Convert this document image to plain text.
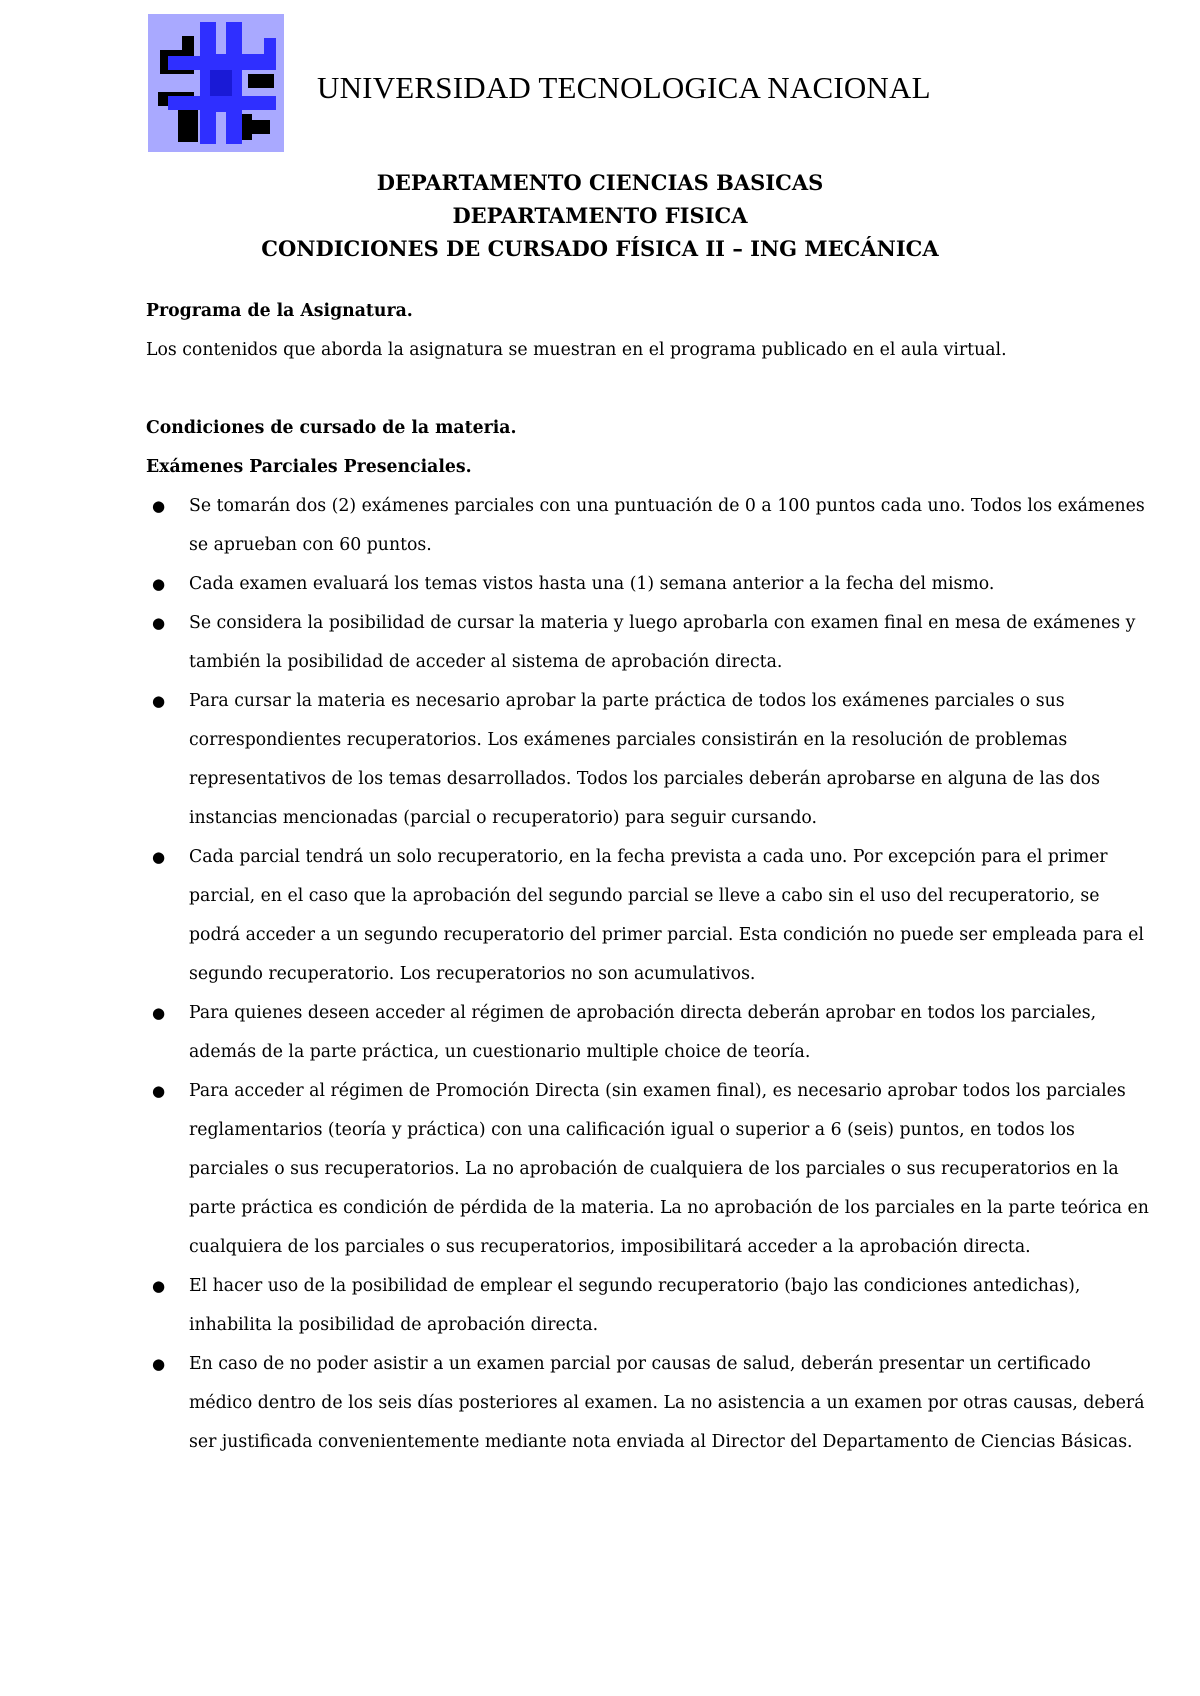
UNIVERSIDAD TECNOLOGICA NACIONAL
DEPARTAMENTO CIENCIAS BASICAS
DEPARTAMENTO FISICA
CONDICIONES DE CURSADO FÍSICA II – ING MECÁNICA

Programa de la Asignatura.

Los contenidos que aborda la asignatura se muestran en el programa publicado en el aula virtual.

Condiciones de cursado de la materia.

Exámenes Parciales Presenciales.

● Se tomarán dos (2) exámenes parciales con una puntuación de 0 a 100 puntos cada uno. Todos los exámenes se aprueban con 60 puntos.
● Cada examen evaluará los temas vistos hasta una (1) semana anterior a la fecha del mismo.
● Se considera la posibilidad de cursar la materia y luego aprobarla con examen final en mesa de exámenes y también la posibilidad de acceder al sistema de aprobación directa.
● Para cursar la materia es necesario aprobar la parte práctica de todos los exámenes parciales o sus correspondientes recuperatorios. Los exámenes parciales consistirán en la resolución de problemas representativos de los temas desarrollados. Todos los parciales deberán aprobarse en alguna de las dos instancias mencionadas (parcial o recuperatorio) para seguir cursando.
● Cada parcial tendrá un solo recuperatorio, en la fecha prevista a cada uno. Por excepción para el primer parcial, en el caso que la aprobación del segundo parcial se lleve a cabo sin el uso del recuperatorio, se podrá acceder a un segundo recuperatorio del primer parcial. Esta condición no puede ser empleada para el segundo recuperatorio. Los recuperatorios no son acumulativos.
● Para quienes deseen acceder al régimen de aprobación directa deberán aprobar en todos los parciales, además de la parte práctica, un cuestionario multiple choice de teoría.
● Para acceder al régimen de Promoción Directa (sin examen final), es necesario aprobar todos los parciales reglamentarios (teoría y práctica) con una calificación igual o superior a 6 (seis) puntos, en todos los parciales o sus recuperatorios. La no aprobación de cualquiera de los parciales o sus recuperatorios en la parte práctica es condición de pérdida de la materia. La no aprobación de los parciales en la parte teórica en cualquiera de los parciales o sus recuperatorios, imposibilitará acceder a la aprobación directa.
● El hacer uso de la posibilidad de emplear el segundo recuperatorio (bajo las condiciones antedichas), inhabilita la posibilidad de aprobación directa.
● En caso de no poder asistir a un examen parcial por causas de salud, deberán presentar un certificado médico dentro de los seis días posteriores al examen. La no asistencia a un examen por otras causas, deberá ser justificada convenientemente mediante nota enviada al Director del Departamento de Ciencias Básicas.
